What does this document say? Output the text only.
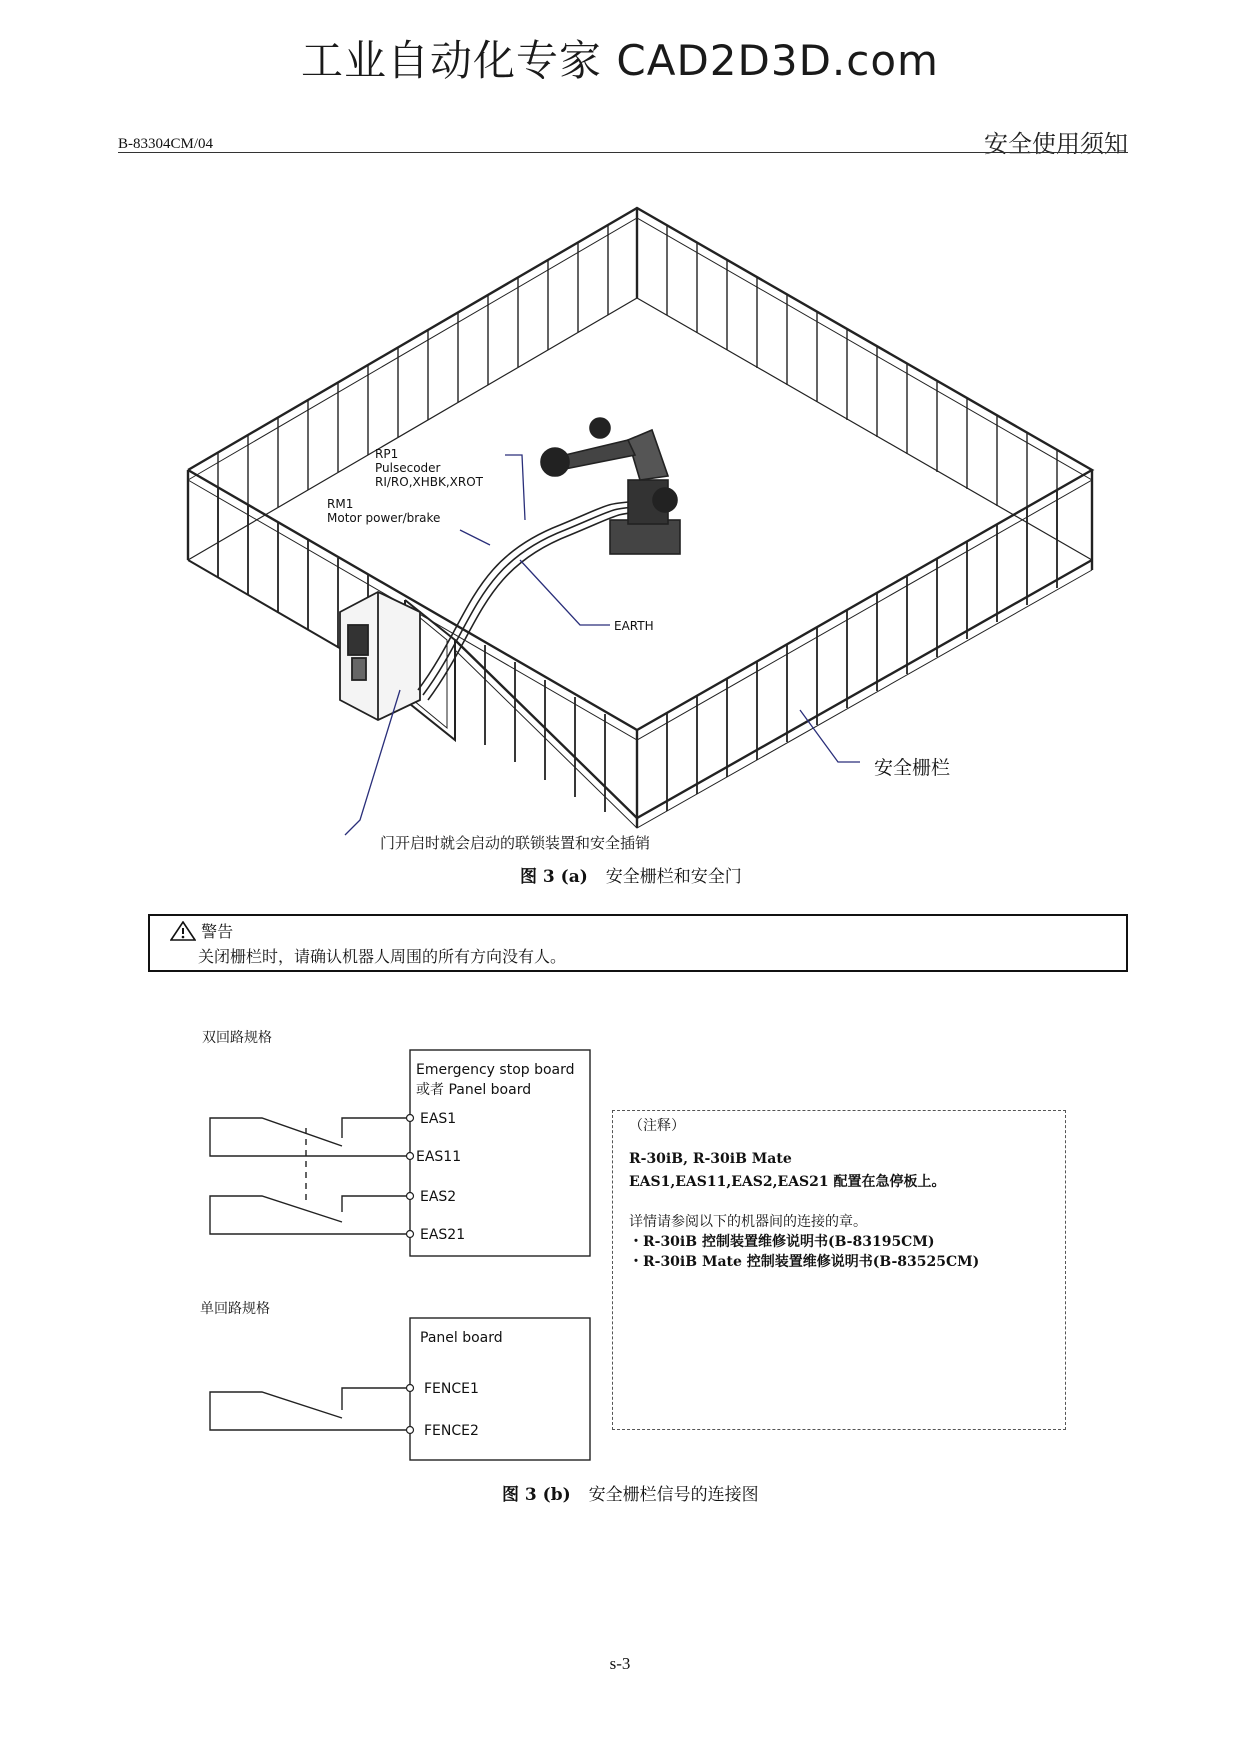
工业自动化专家 CAD2D3D.com
B-83304CM/04	安全使用须知
RP1
Pulsecoder
RI/RO,XHBK,XROT
RM1
Motor power/brake
EARTH
安全栅栏
门开启时就会启动的联锁装置和安全插销
图 3 (a) 安全栅栏和安全门
警告
关闭栅栏时，请确认机器人周围的所有方向没有人。
双回路规格
单回路规格
Emergency stop board
或者 Panel board
EAS1
EAS11
EAS2
EAS21
Panel board
FENCE1
FENCE2
（注释）
R-30iB, R-30iB Mate
EAS1,EAS11,EAS2,EAS21 配置在急停板上。
详情请参阅以下的机器间的连接的章。
・R-30iB 控制装置维修说明书(B-83195CM)
・R-30iB Mate 控制装置维修说明书(B-83525CM)
图 3 (b) 安全栅栏信号的连接图
s-3
